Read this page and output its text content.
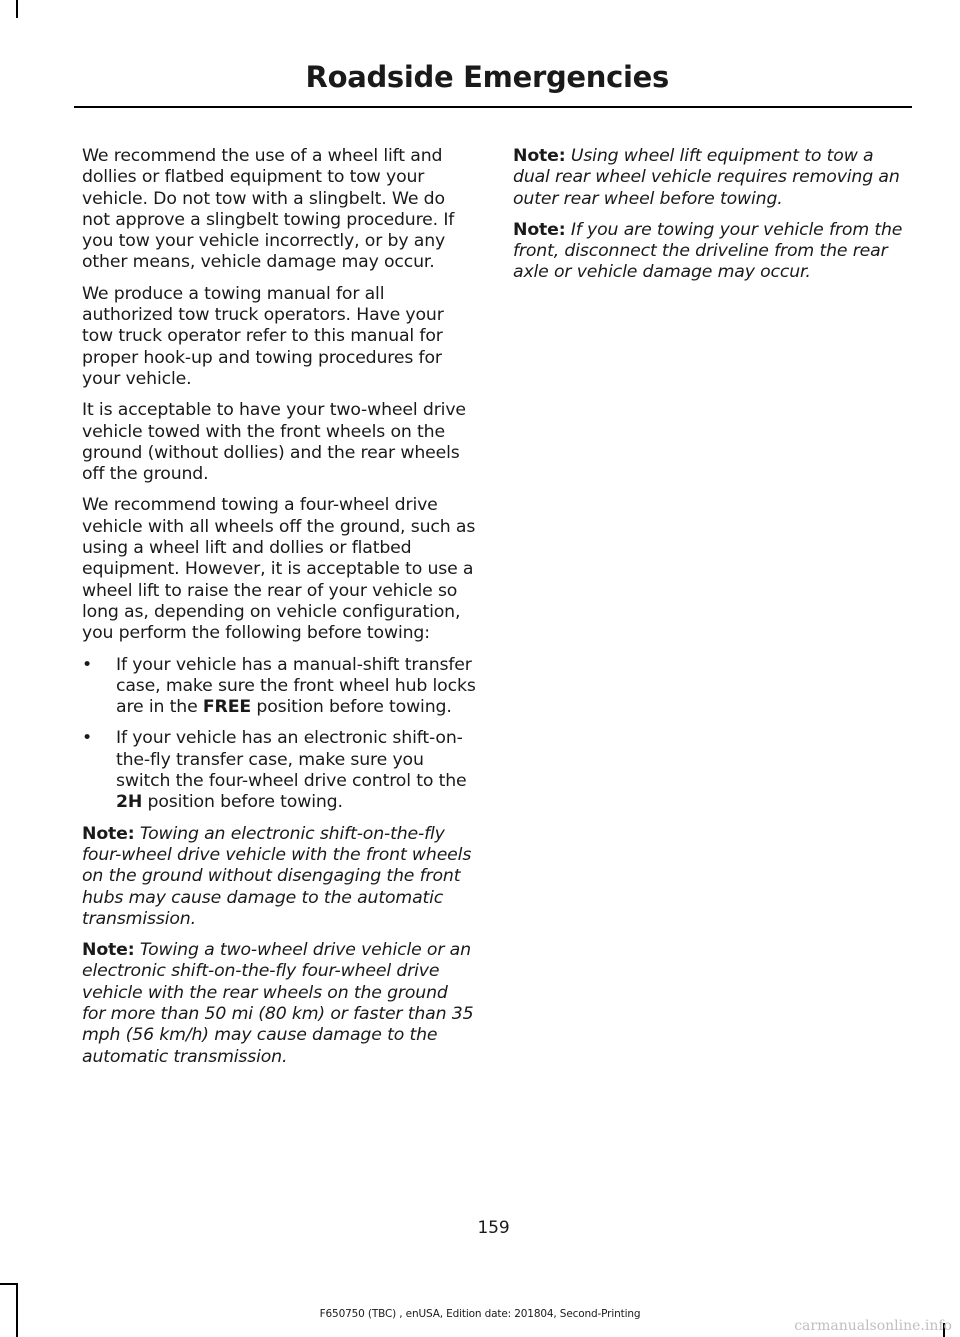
Roadside Emergencies

We recommend the use of a wheel lift and dollies or flatbed equipment to tow your vehicle. Do not tow with a slingbelt. We do not approve a slingbelt towing procedure. If you tow your vehicle incorrectly, or by any other means, vehicle damage may occur.

We produce a towing manual for all authorized tow truck operators. Have your tow truck operator refer to this manual for proper hook-up and towing procedures for your vehicle.

It is acceptable to have your two-wheel drive vehicle towed with the front wheels on the ground (without dollies) and the rear wheels off the ground.

We recommend towing a four-wheel drive vehicle with all wheels off the ground, such as using a wheel lift and dollies or flatbed equipment. However, it is acceptable to use a wheel lift to raise the rear of your vehicle so long as, depending on vehicle configuration, you perform the following before towing:

• If your vehicle has a manual-shift transfer case, make sure the front wheel hub locks are in the FREE position before towing.
• If your vehicle has an electronic shift-on-the-fly transfer case, make sure you switch the four-wheel drive control to the 2H position before towing.

Note: Towing an electronic shift-on-the-fly four-wheel drive vehicle with the front wheels on the ground without disengaging the front hubs may cause damage to the automatic transmission.

Note: Towing a two-wheel drive vehicle or an electronic shift-on-the-fly four-wheel drive vehicle with the rear wheels on the ground for more than 50 mi (80 km) or faster than 35 mph (56 km/h) may cause damage to the automatic transmission.

Note: Using wheel lift equipment to tow a dual rear wheel vehicle requires removing an outer rear wheel before towing.

Note: If you are towing your vehicle from the front, disconnect the driveline from the rear axle or vehicle damage may occur.

159

F650750 (TBC) , enUSA, Edition date: 201804, Second-Printing

carmanualsonline.info
